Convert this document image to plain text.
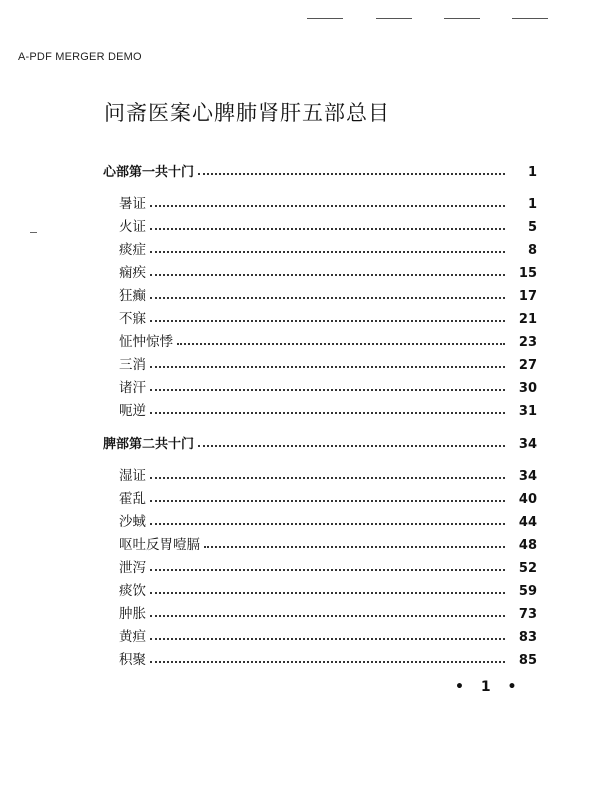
A-PDF MERGER DEMO
问斋医案心脾肺肾肝五部总目
心部第一共十门	1
暑证	1
火证	5
痰症	8
痫疾	15
狂癫	17
不寐	21
怔忡惊悸	23
三消	27
诸汗	30
呃逆	31
脾部第二共十门	34
湿证	34
霍乱	40
沙蜮	44
呕吐反胃噎膈	48
泄泻	52
痰饮	59
肿胀	73
黄疸	83
积聚	85
• 1 •
